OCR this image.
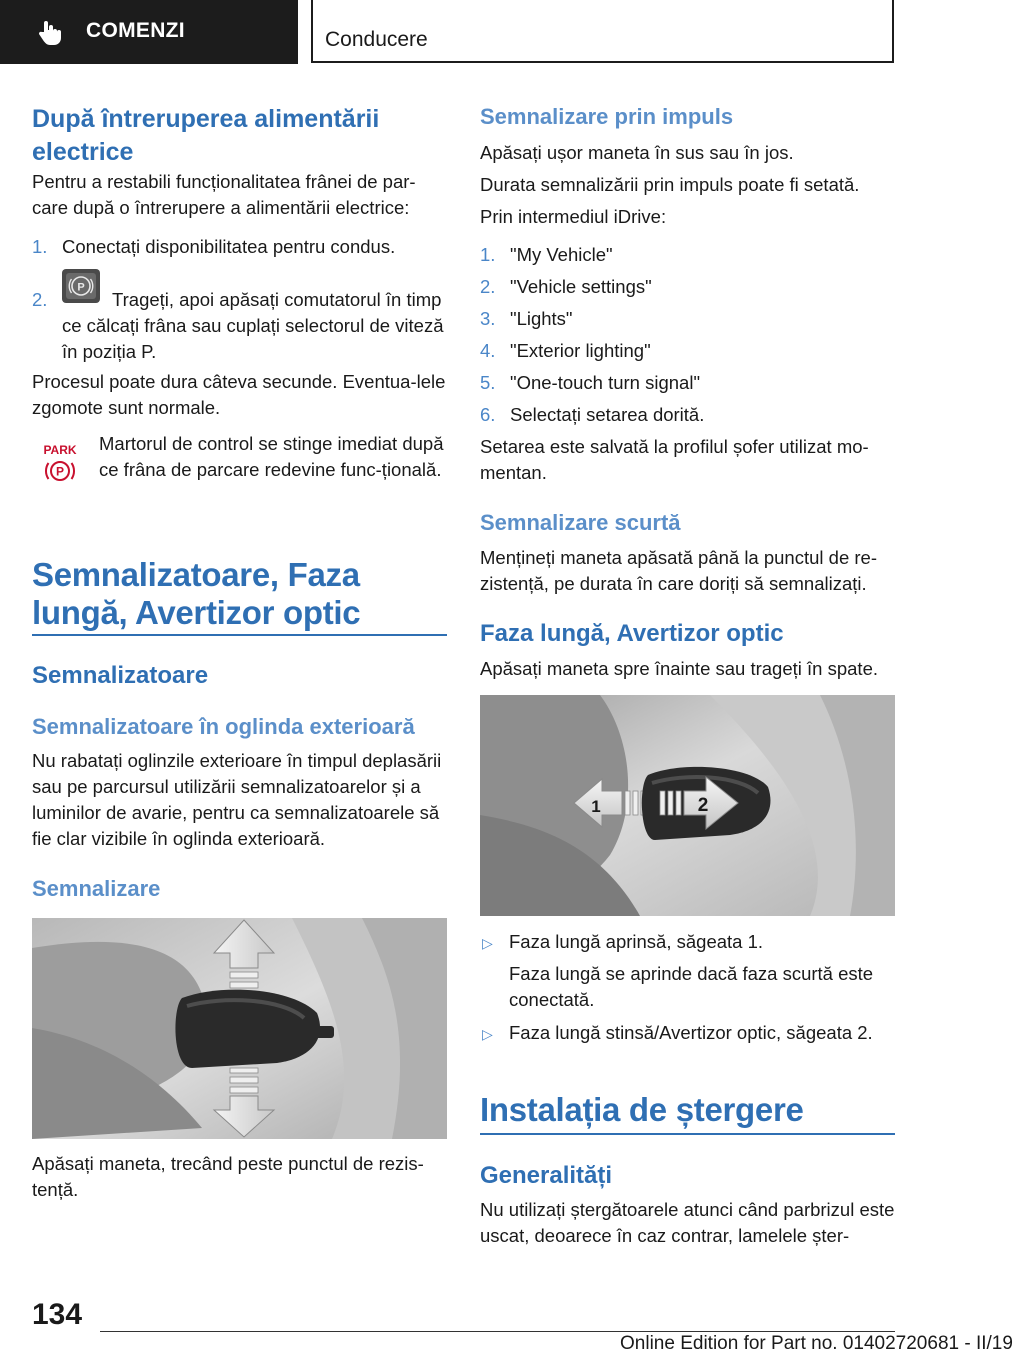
COMENZI	Conducere
După întreruperea alimentării electrice
Pentru a restabili funcționalitatea frânei de par-care după o întrerupere a alimentării electrice:
1. Conectați disponibilitatea pentru condus.
2.
P
Trageți, apoi apăsați comutatorul în timp ce călcați frâna sau cuplați selectorul de viteză în poziția P.
Procesul poate dura câteva secunde. Eventua-lele zgomote sunt normale.
PARK
P
Martorul de control se stinge imediat după ce frâna de parcare redevine func-țională.
Semnalizatoare, Faza lungă, Avertizor optic
Semnalizatoare
Semnalizatoare în oglinda exterioară
Nu rabatați oglinzile exterioare în timpul deplasării sau pe parcursul utilizării semnalizatoarelor și a luminilor de avarie, pentru ca semnalizatoarele să fie clar vizibile în oglinda exterioară.
Semnalizare
Apăsați maneta, trecând peste punctul de rezis-tență.
Semnalizare prin impuls
Apăsați ușor maneta în sus sau în jos.
Durata semnalizării prin impuls poate fi setată.
Prin intermediul iDrive:
1. "My Vehicle"
2. "Vehicle settings"
3. "Lights"
4. "Exterior lighting"
5. "One-touch turn signal"
6. Selectați setarea dorită.
Setarea este salvată la profilul șofer utilizat mo-mentan.
Semnalizare scurtă
Mențineți maneta apăsată până la punctul de re-zistență, pe durata în care doriți să semnalizați.
Faza lungă, Avertizor optic
Apăsați maneta spre înainte sau trageți în spate.
1	2
▷ Faza lungă aprinsă, săgeata 1.
Faza lungă se aprinde dacă faza scurtă este conectată.
▷ Faza lungă stinsă/Avertizor optic, săgeata 2.
Instalația de ștergere
Generalități
Nu utilizați ștergătoarele atunci când parbrizul este uscat, deoarece în caz contrar, lamelele șter-
134
Online Edition for Part no. 01402720681 - II/19
